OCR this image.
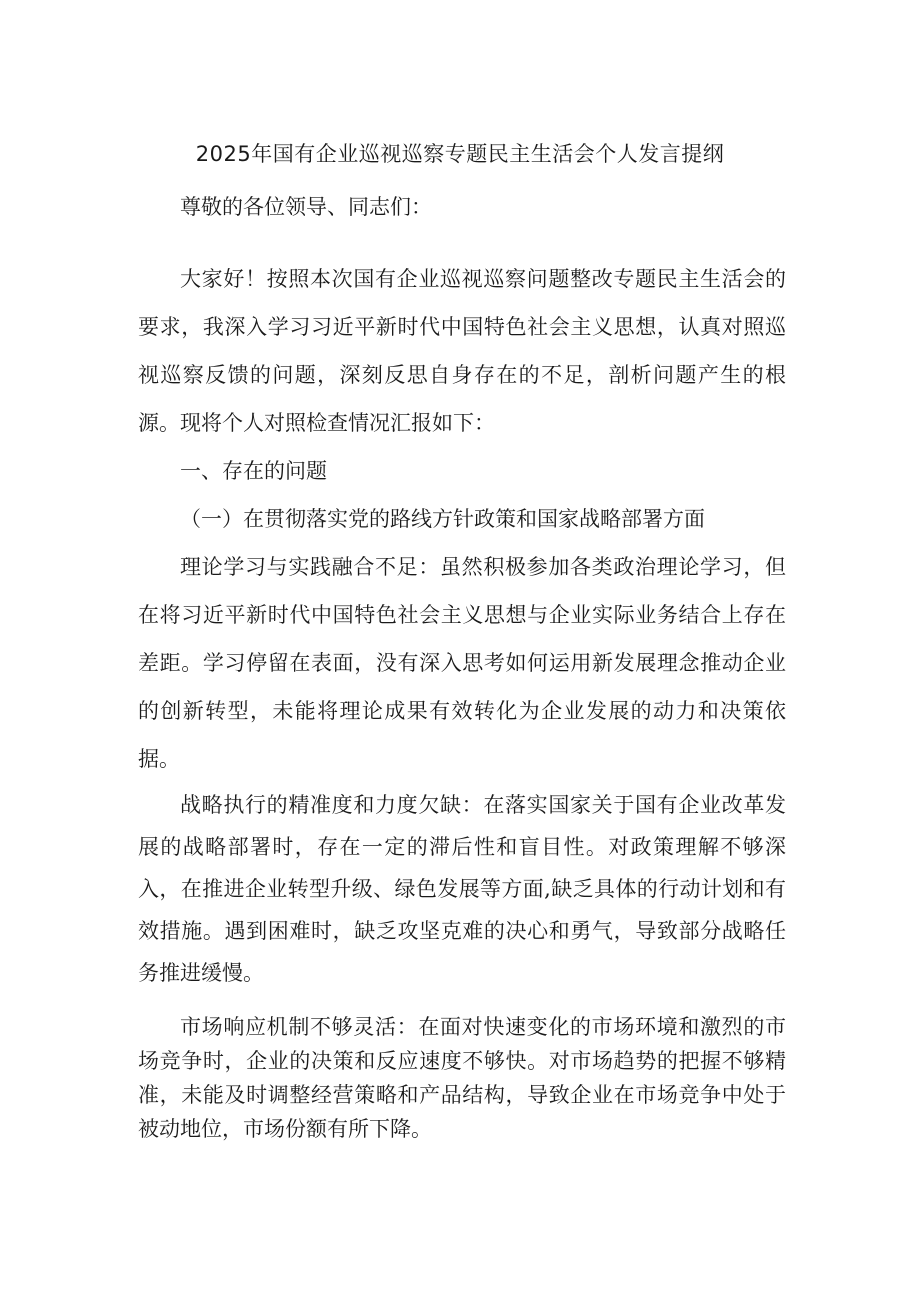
2025年国有企业巡视巡察专题民主生活会个人发言提纲

尊敬的各位领导、同志们：

大家好！按照本次国有企业巡视巡察问题整改专题民主生活会的要求，我深入学习习近平新时代中国特色社会主义思想，认真对照巡视巡察反馈的问题，深刻反思自身存在的不足，剖析问题产生的根源。现将个人对照检查情况汇报如下：

一、存在的问题

（一）在贯彻落实党的路线方针政策和国家战略部署方面

理论学习与实践融合不足：虽然积极参加各类政治理论学习，但在将习近平新时代中国特色社会主义思想与企业实际业务结合上存在差距。学习停留在表面，没有深入思考如何运用新发展理念推动企业的创新转型，未能将理论成果有效转化为企业发展的动力和决策依据。

战略执行的精准度和力度欠缺：在落实国家关于国有企业改革发展的战略部署时，存在一定的滞后性和盲目性。对政策理解不够深入，在推进企业转型升级、绿色发展等方面,缺乏具体的行动计划和有效措施。遇到困难时，缺乏攻坚克难的决心和勇气，导致部分战略任务推进缓慢。

市场响应机制不够灵活：在面对快速变化的市场环境和激烈的市场竞争时，企业的决策和反应速度不够快。对市场趋势的把握不够精准，未能及时调整经营策略和产品结构，导致企业在市场竞争中处于被动地位，市场份额有所下降。
